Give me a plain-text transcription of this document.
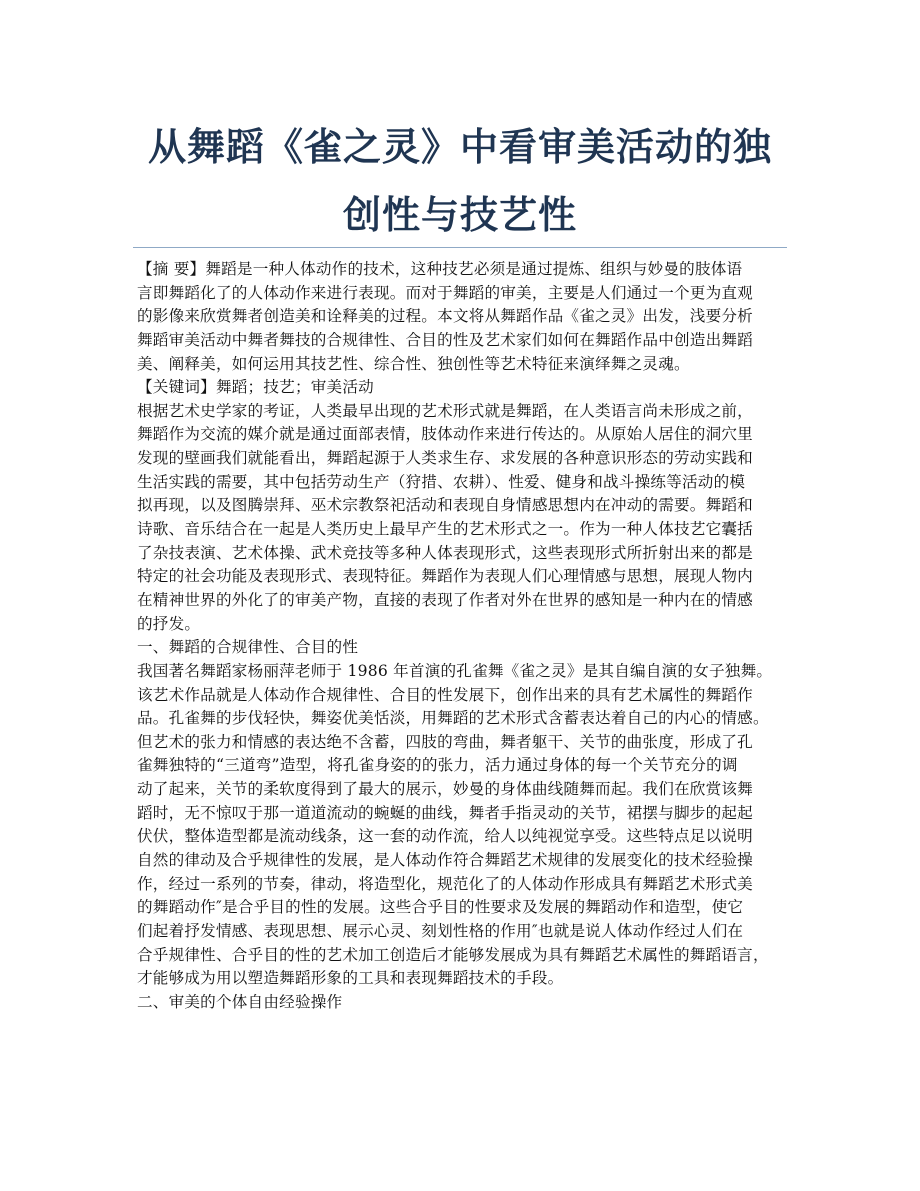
从舞蹈《雀之灵》中看审美活动的独
创性与技艺性
【摘 要】舞蹈是一种人体动作的技术，这种技艺必须是通过提炼、组织与妙曼的肢体语
言即舞蹈化了的人体动作来进行表现。而对于舞蹈的审美，主要是人们通过一个更为直观
的影像来欣赏舞者创造美和诠释美的过程。本文将从舞蹈作品《雀之灵》出发，浅要分析
舞蹈审美活动中舞者舞技的合规律性、合目的性及艺术家们如何在舞蹈作品中创造出舞蹈
美、阐释美，如何运用其技艺性、综合性、独创性等艺术特征来演绎舞之灵魂。
【关键词】舞蹈；技艺；审美活动
根据艺术史学家的考证，人类最早出现的艺术形式就是舞蹈，在人类语言尚未形成之前，
舞蹈作为交流的媒介就是通过面部表情，肢体动作来进行传达的。从原始人居住的洞穴里
发现的壁画我们就能看出，舞蹈起源于人类求生存、求发展的各种意识形态的劳动实践和
生活实践的需要，其中包括劳动生产（狩措、农耕）、性爱、健身和战斗操练等活动的模
拟再现，以及图腾崇拜、巫术宗教祭祀活动和表现自身情感思想内在冲动的需要。舞蹈和
诗歌、音乐结合在一起是人类历史上最早产生的艺术形式之一。作为一种人体技艺它囊括
了杂技表演、艺术体操、武术竞技等多种人体表现形式，这些表现形式所折射出来的都是
特定的社会功能及表现形式、表现特征。舞蹈作为表现人们心理情感与思想，展现人物内
在精神世界的外化了的审美产物，直接的表现了作者对外在世界的感知是一种内在的情感
的抒发。
一、舞蹈的合规律性、合目的性
我国著名舞蹈家杨丽萍老师于 1986 年首演的孔雀舞《雀之灵》是其自编自演的女子独舞。
该艺术作品就是人体动作合规律性、合目的性发展下，创作出来的具有艺术属性的舞蹈作
品。孔雀舞的步伐轻快，舞姿优美恬淡，用舞蹈的艺术形式含蓄表达着自己的内心的情感。
但艺术的张力和情感的表达绝不含蓄，四肢的弯曲，舞者躯干、关节的曲张度，形成了孔
雀舞独特的“三道弯”造型，将孔雀身姿的的张力，活力通过身体的每一个关节充分的调
动了起来，关节的柔软度得到了最大的展示，妙曼的身体曲线随舞而起。我们在欣赏该舞
蹈时，无不惊叹于那一道道流动的蜿蜒的曲线，舞者手指灵动的关节，裙摆与脚步的起起
伏伏，整体造型都是流动线条，这一套的动作流，给人以纯视觉享受。这些特点足以说明
自然的律动及合乎规律性的发展，是人体动作符合舞蹈艺术规律的发展变化的技术经验操
作，经过一系列的节奏，律动，将造型化，规范化了的人体动作形成具有舞蹈艺术形式美
的舞蹈动作″是合乎目的性的发展。这些合乎目的性要求及发展的舞蹈动作和造型，使它
们起着抒发情感、表现思想、展示心灵、刻划性格的作用″也就是说人体动作经过人们在
合乎规律性、合乎目的性的艺术加工创造后才能够发展成为具有舞蹈艺术属性的舞蹈语言，
才能够成为用以塑造舞蹈形象的工具和表现舞蹈技术的手段。
二、审美的个体自由经验操作
